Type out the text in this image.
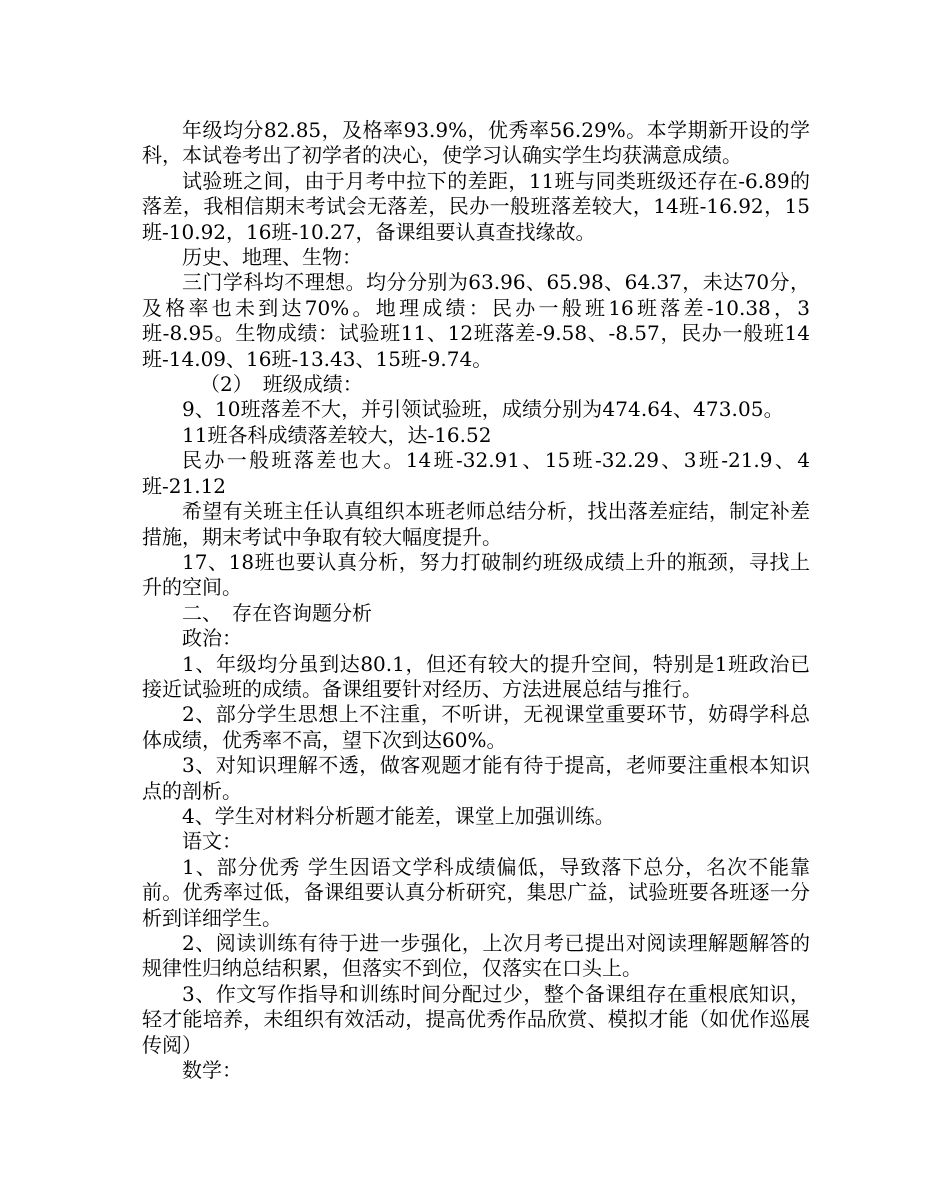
年级均分82.85，及格率93.9%，优秀率56.29%。本学期新开设的学科，本试卷考出了初学者的决心，使学习认确实学生均获满意成绩。

试验班之间，由于月考中拉下的差距，11班与同类班级还存在-6.89的落差，我相信期末考试会无落差，民办一般班落差较大，14班-16.92，15班-10.92，16班-10.27，备课组要认真查找缘故。

历史、地理、生物：

三门学科均不理想。均分分别为63.96、65.98、64.37，未达70分，及格率也未到达70%。地理成绩：民办一般班16班落差-10.38，3班-8.95。生物成绩：试验班11、12班落差-9.58、-8.57，民办一般班14班-14.09、16班-13.43、15班-9.74。

（2）　班级成绩：

9、10班落差不大，并引领试验班，成绩分别为474.64、473.05。

11班各科成绩落差较大，达-16.52

民办一般班落差也大。14班-32.91、15班-32.29、3班-21.9、4班-21.12

希望有关班主任认真组织本班老师总结分析，找出落差症结，制定补差措施，期末考试中争取有较大幅度提升。

17、18班也要认真分析，努力打破制约班级成绩上升的瓶颈，寻找上升的空间。

二、　存在咨询题分析

政治：

1、年级均分虽到达80.1，但还有较大的提升空间，特别是1班政治已接近试验班的成绩。备课组要针对经历、方法进展总结与推行。

2、部分学生思想上不注重，不听讲，无视课堂重要环节，妨碍学科总体成绩，优秀率不高，望下次到达60%。

3、对知识理解不透，做客观题才能有待于提高，老师要注重根本知识点的剖析。

4、学生对材料分析题才能差，课堂上加强训练。

语文：

1、部分优秀 学生因语文学科成绩偏低，导致落下总分，名次不能靠前。优秀率过低，备课组要认真分析研究，集思广益，试验班要各班逐一分析到详细学生。

2、阅读训练有待于进一步强化，上次月考已提出对阅读理解题解答的规律性归纳总结积累，但落实不到位，仅落实在口头上。

3、作文写作指导和训练时间分配过少，整个备课组存在重根底知识，轻才能培养，未组织有效活动，提高优秀作品欣赏、模拟才能（如优作巡展传阅）

数学：
